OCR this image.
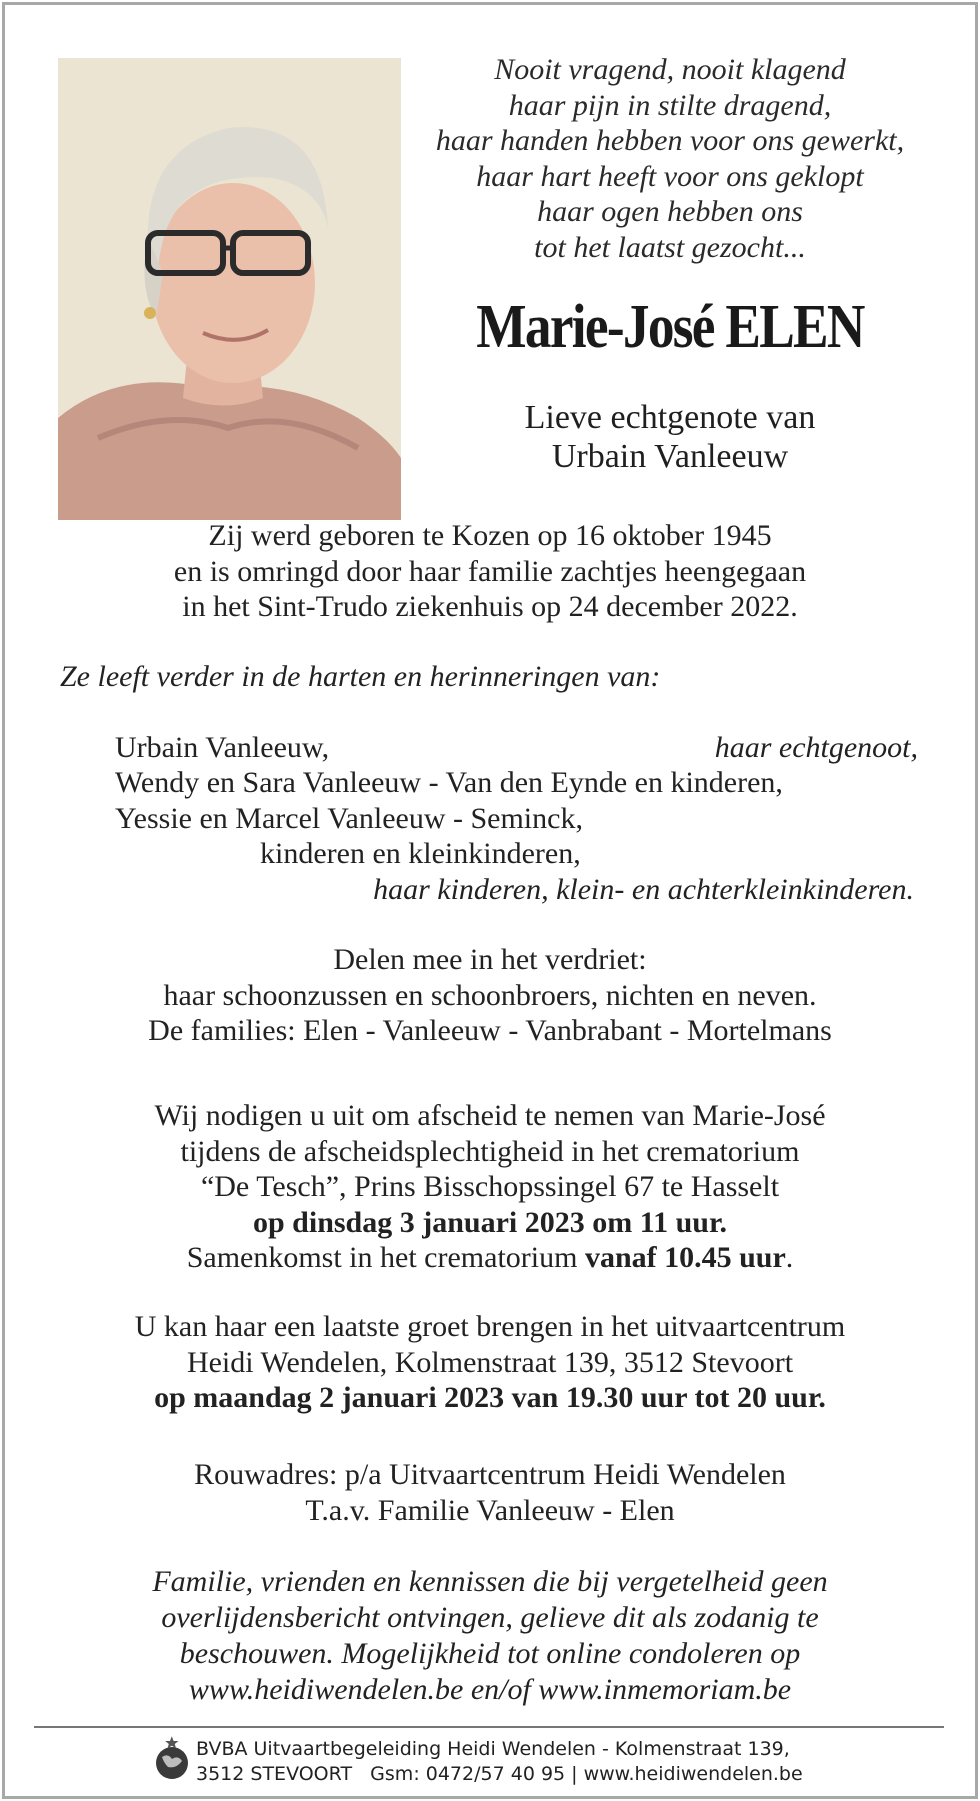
Nooit vragend, nooit klagend
haar pijn in stilte dragend,
haar handen hebben voor ons gewerkt,
haar hart heeft voor ons geklopt
haar ogen hebben ons
tot het laatst gezocht...
Marie-José ELEN
Lieve echtgenote van
Urbain Vanleeuw
Zij werd geboren te Kozen op 16 oktober 1945
en is omringd door haar familie zachtjes heengegaan
in het Sint-Trudo ziekenhuis op 24 december 2022.
Ze leeft verder in de harten en herinneringen van:
Urbain Vanleeuw,	haar echtgenoot,
Wendy en Sara Vanleeuw - Van den Eynde en kinderen,
Yessie en Marcel Vanleeuw - Seminck,
kinderen en kleinkinderen,
haar kinderen, klein- en achterkleinkinderen.
Delen mee in het verdriet:
haar schoonzussen en schoonbroers, nichten en neven.
De families: Elen - Vanleeuw - Vanbrabant - Mortelmans
Wij nodigen u uit om afscheid te nemen van Marie-José
tijdens de afscheidsplechtigheid in het crematorium
“De Tesch”, Prins Bisschopssingel 67 te Hasselt
op dinsdag 3 januari 2023 om 11 uur.
Samenkomst in het crematorium vanaf 10.45 uur.
U kan haar een laatste groet brengen in het uitvaartcentrum
Heidi Wendelen, Kolmenstraat 139, 3512 Stevoort
op maandag 2 januari 2023 van 19.30 uur tot 20 uur.
Rouwadres: p/a Uitvaartcentrum Heidi Wendelen
T.a.v. Familie Vanleeuw - Elen
Familie, vrienden en kennissen die bij vergetelheid geen
overlijdensbericht ontvingen, gelieve dit als zodanig te
beschouwen. Mogelijkheid tot online condoleren op
www.heidiwendelen.be en/of www.inmemoriam.be
BVBA Uitvaartbegeleiding Heidi Wendelen - Kolmenstraat 139,
3512 STEVOORT   Gsm: 0472/57 40 95 | www.heidiwendelen.be
